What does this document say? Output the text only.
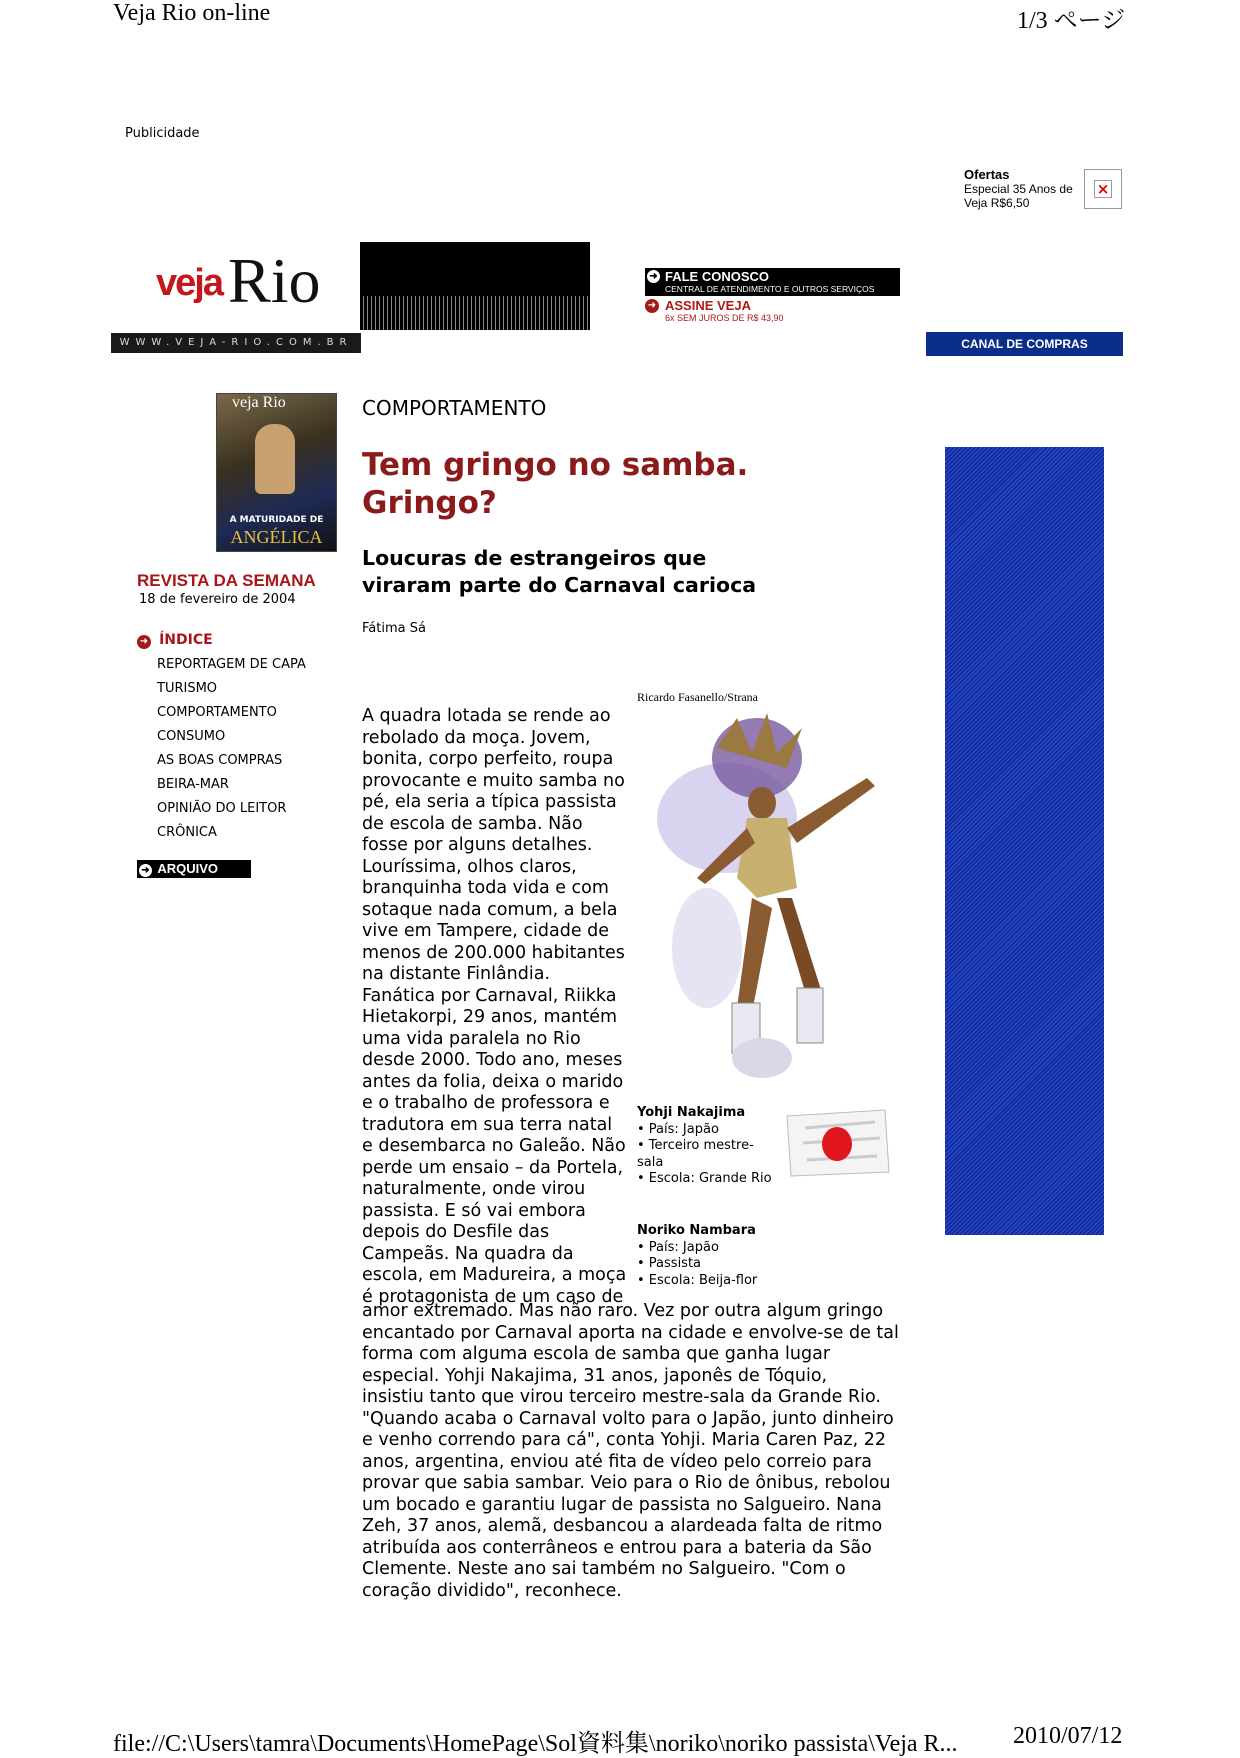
Veja Rio on-line	1/3 ページ
Publicidade
Ofertas
Especial 35 Anos de Veja R$6,50
×
veja Rio
WWW.VEJA-RIO.COM.BR
➜ FALE CONOSCO
CENTRAL DE ATENDIMENTO E OUTROS SERVIÇOS
➜ ASSINE VEJA
6x SEM JUROS DE R$ 43,90
CANAL DE COMPRAS
veja Rio
A MATURIDADE DE
ANGÉLICA
REVISTA DA SEMANA
18 de fevereiro de 2004
➜ ÍNDICE
REPORTAGEM DE CAPA
TURISMO
COMPORTAMENTO
CONSUMO
AS BOAS COMPRAS
BEIRA-MAR
OPINIÃO DO LEITOR
CRÔNICA
➜ ARQUIVO
COMPORTAMENTO
Tem gringo no samba.
Gringo?
Loucuras de estrangeiros que
viraram parte do Carnaval carioca
Fátima Sá
A quadra lotada se rende ao
rebolado da moça. Jovem,
bonita, corpo perfeito, roupa
provocante e muito samba no
pé, ela seria a típica passista
de escola de samba. Não
fosse por alguns detalhes.
Louríssima, olhos claros,
branquinha toda vida e com
sotaque nada comum, a bela
vive em Tampere, cidade de
menos de 200.000 habitantes
na distante Finlândia.
Fanática por Carnaval, Riikka
Hietakorpi, 29 anos, mantém
uma vida paralela no Rio
desde 2000. Todo ano, meses
antes da folia, deixa o marido
e o trabalho de professora e
tradutora em sua terra natal
e desembarca no Galeão. Não
perde um ensaio – da Portela,
naturalmente, onde virou
passista. E só vai embora
depois do Desfile das
Campeãs. Na quadra da
escola, em Madureira, a moça
é protagonista de um caso de
amor extremado. Mas não raro. Vez por outra algum gringo
encantado por Carnaval aporta na cidade e envolve-se de tal
forma com alguma escola de samba que ganha lugar
especial. Yohji Nakajima, 31 anos, japonês de Tóquio,
insistiu tanto que virou terceiro mestre-sala da Grande Rio.
"Quando acaba o Carnaval volto para o Japão, junto dinheiro
e venho correndo para cá", conta Yohji. Maria Caren Paz, 22
anos, argentina, enviou até fita de vídeo pelo correio para
provar que sabia sambar. Veio para o Rio de ônibus, rebolou
um bocado e garantiu lugar de passista no Salgueiro. Nana
Zeh, 37 anos, alemã, desbancou a alardeada falta de ritmo
atribuída aos conterrâneos e entrou para a bateria da São
Clemente. Neste ano sai também no Salgueiro. "Com o
coração dividido", reconhece.
Ricardo Fasanello/Strana
Yohji Nakajima
• País: Japão
• Terceiro mestre-
sala
• Escola: Grande Rio
Noriko Nambara
• País: Japão
• Passista
• Escola: Beija-flor
file://C:\Users\tamra\Documents\HomePage\Sol資料集\noriko\noriko passista\Veja R... 2010/07/12
